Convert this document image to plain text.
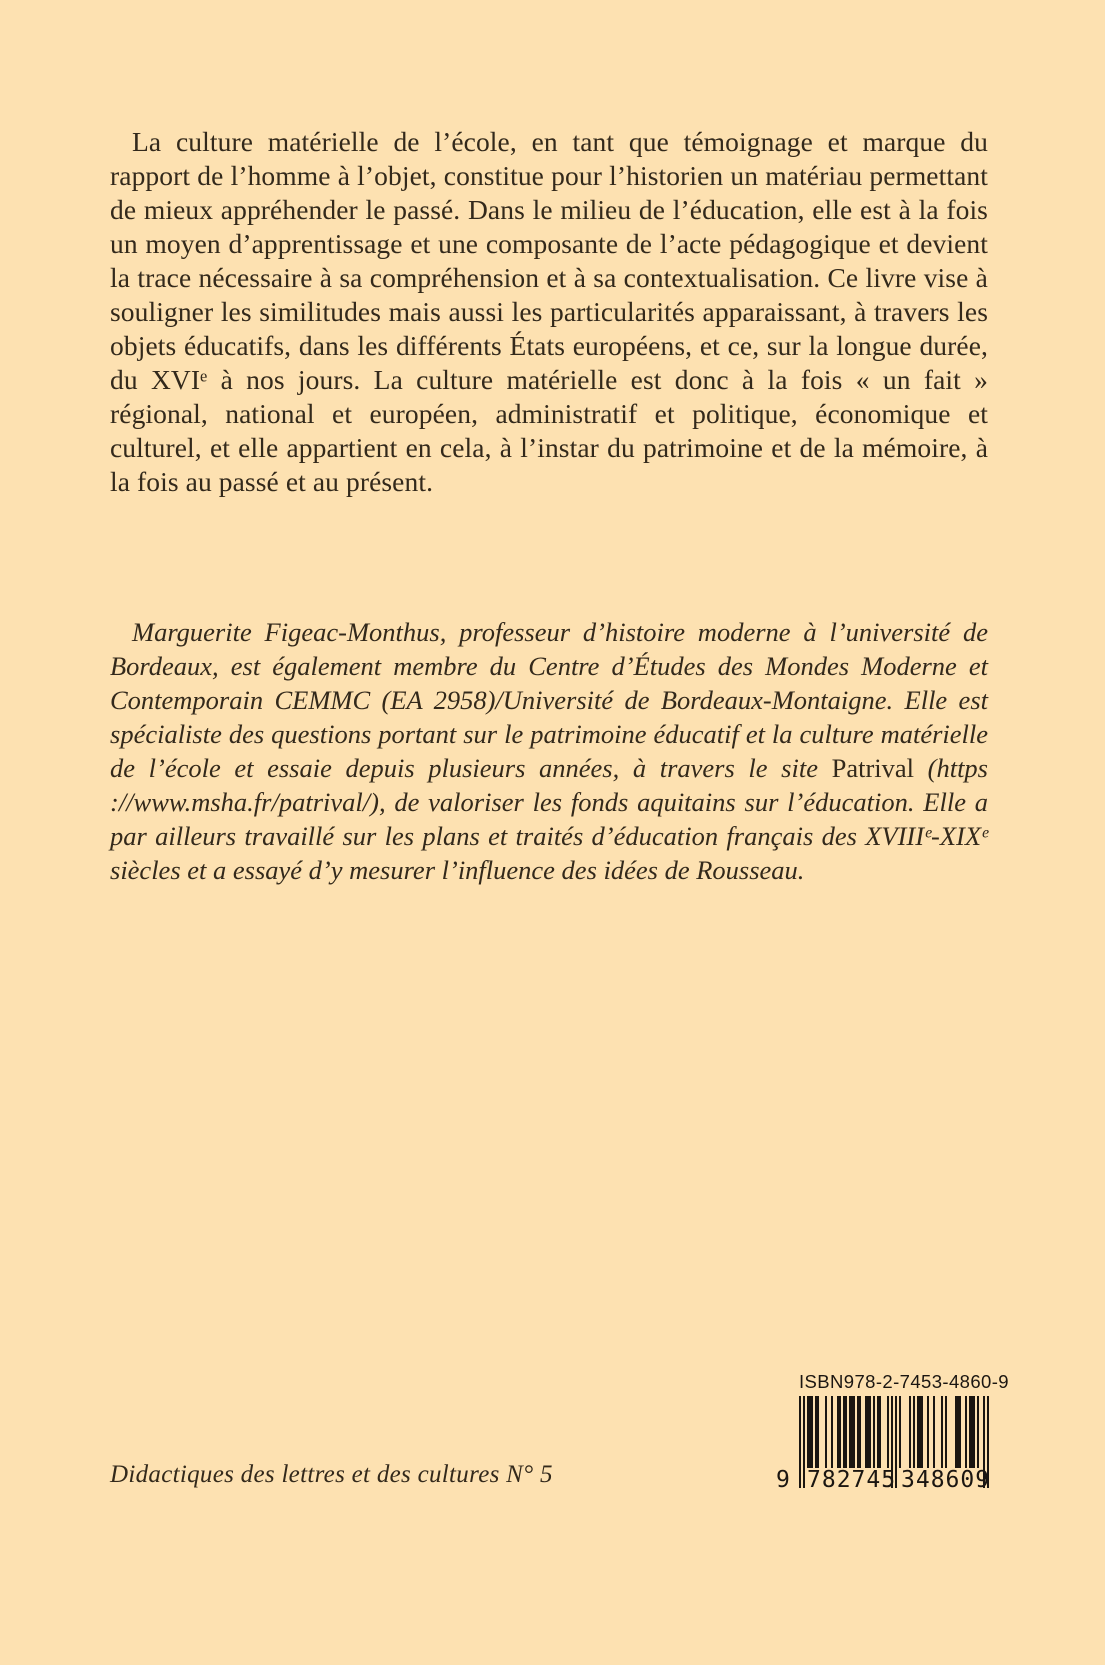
La culture matérielle de l’école, en tant que témoignage et marque du rapport de l’homme à l’objet, constitue pour l’historien un matériau permettant de mieux appréhender le passé. Dans le milieu de l’éducation, elle est à la fois un moyen d’apprentissage et une composante de l’acte pédagogique et devient la trace nécessaire à sa compréhension et à sa contextualisation. Ce livre vise à souligner les similitudes mais aussi les particularités apparaissant, à travers les objets éducatifs, dans les différents États européens, et ce, sur la longue durée, du XVIᵉ à nos jours. La culture matérielle est donc à la fois « un fait » régional, national et européen, administratif et politique, économique et culturel, et elle appartient en cela, à l’instar du patrimoine et de la mémoire, à la fois au passé et au présent.

Marguerite Figeac-Monthus, professeur d’histoire moderne à l’université de Bordeaux, est également membre du Centre d’Études des Mondes Moderne et Contemporain CEMMC (EA 2958)/Université de Bordeaux-Montaigne. Elle est spécialiste des questions portant sur le patrimoine éducatif et la culture matérielle de l’école et essaie depuis plusieurs années, à travers le site Patrival (https ://www.msha.fr/patrival/), de valoriser les fonds aquitains sur l’éducation. Elle a par ailleurs travaillé sur les plans et traités d’éducation français des XVIIIᵉ-XIXᵉ siècles et a essayé d’y mesurer l’influence des idées de Rousseau.

Didactiques des lettres et des cultures N° 5
ISBN 978-2-7453-4860-9
9 782745 348609
